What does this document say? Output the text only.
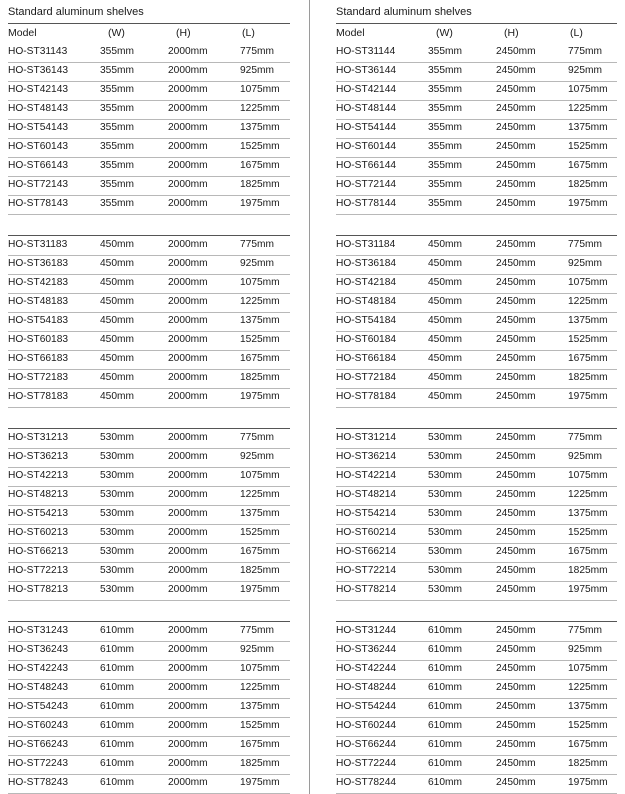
Standard aluminum shelves
Model	(W)	(H)	(L)
HO-ST31143	355mm	2000mm	775mm
HO-ST36143	355mm	2000mm	925mm
HO-ST42143	355mm	2000mm	1075mm
HO-ST48143	355mm	2000mm	1225mm
HO-ST54143	355mm	2000mm	1375mm
HO-ST60143	355mm	2000mm	1525mm
HO-ST66143	355mm	2000mm	1675mm
HO-ST72143	355mm	2000mm	1825mm
HO-ST78143	355mm	2000mm	1975mm
HO-ST31183	450mm	2000mm	775mm
HO-ST36183	450mm	2000mm	925mm
HO-ST42183	450mm	2000mm	1075mm
HO-ST48183	450mm	2000mm	1225mm
HO-ST54183	450mm	2000mm	1375mm
HO-ST60183	450mm	2000mm	1525mm
HO-ST66183	450mm	2000mm	1675mm
HO-ST72183	450mm	2000mm	1825mm
HO-ST78183	450mm	2000mm	1975mm
HO-ST31213	530mm	2000mm	775mm
HO-ST36213	530mm	2000mm	925mm
HO-ST42213	530mm	2000mm	1075mm
HO-ST48213	530mm	2000mm	1225mm
HO-ST54213	530mm	2000mm	1375mm
HO-ST60213	530mm	2000mm	1525mm
HO-ST66213	530mm	2000mm	1675mm
HO-ST72213	530mm	2000mm	1825mm
HO-ST78213	530mm	2000mm	1975mm
HO-ST31243	610mm	2000mm	775mm
HO-ST36243	610mm	2000mm	925mm
HO-ST42243	610mm	2000mm	1075mm
HO-ST48243	610mm	2000mm	1225mm
HO-ST54243	610mm	2000mm	1375mm
HO-ST60243	610mm	2000mm	1525mm
HO-ST66243	610mm	2000mm	1675mm
HO-ST72243	610mm	2000mm	1825mm
HO-ST78243	610mm	2000mm	1975mm
Standard aluminum shelves
Model	(W)	(H)	(L)
HO-ST31144	355mm	2450mm	775mm
HO-ST36144	355mm	2450mm	925mm
HO-ST42144	355mm	2450mm	1075mm
HO-ST48144	355mm	2450mm	1225mm
HO-ST54144	355mm	2450mm	1375mm
HO-ST60144	355mm	2450mm	1525mm
HO-ST66144	355mm	2450mm	1675mm
HO-ST72144	355mm	2450mm	1825mm
HO-ST78144	355mm	2450mm	1975mm
HO-ST31184	450mm	2450mm	775mm
HO-ST36184	450mm	2450mm	925mm
HO-ST42184	450mm	2450mm	1075mm
HO-ST48184	450mm	2450mm	1225mm
HO-ST54184	450mm	2450mm	1375mm
HO-ST60184	450mm	2450mm	1525mm
HO-ST66184	450mm	2450mm	1675mm
HO-ST72184	450mm	2450mm	1825mm
HO-ST78184	450mm	2450mm	1975mm
HO-ST31214	530mm	2450mm	775mm
HO-ST36214	530mm	2450mm	925mm
HO-ST42214	530mm	2450mm	1075mm
HO-ST48214	530mm	2450mm	1225mm
HO-ST54214	530mm	2450mm	1375mm
HO-ST60214	530mm	2450mm	1525mm
HO-ST66214	530mm	2450mm	1675mm
HO-ST72214	530mm	2450mm	1825mm
HO-ST78214	530mm	2450mm	1975mm
HO-ST31244	610mm	2450mm	775mm
HO-ST36244	610mm	2450mm	925mm
HO-ST42244	610mm	2450mm	1075mm
HO-ST48244	610mm	2450mm	1225mm
HO-ST54244	610mm	2450mm	1375mm
HO-ST60244	610mm	2450mm	1525mm
HO-ST66244	610mm	2450mm	1675mm
HO-ST72244	610mm	2450mm	1825mm
HO-ST78244	610mm	2450mm	1975mm
